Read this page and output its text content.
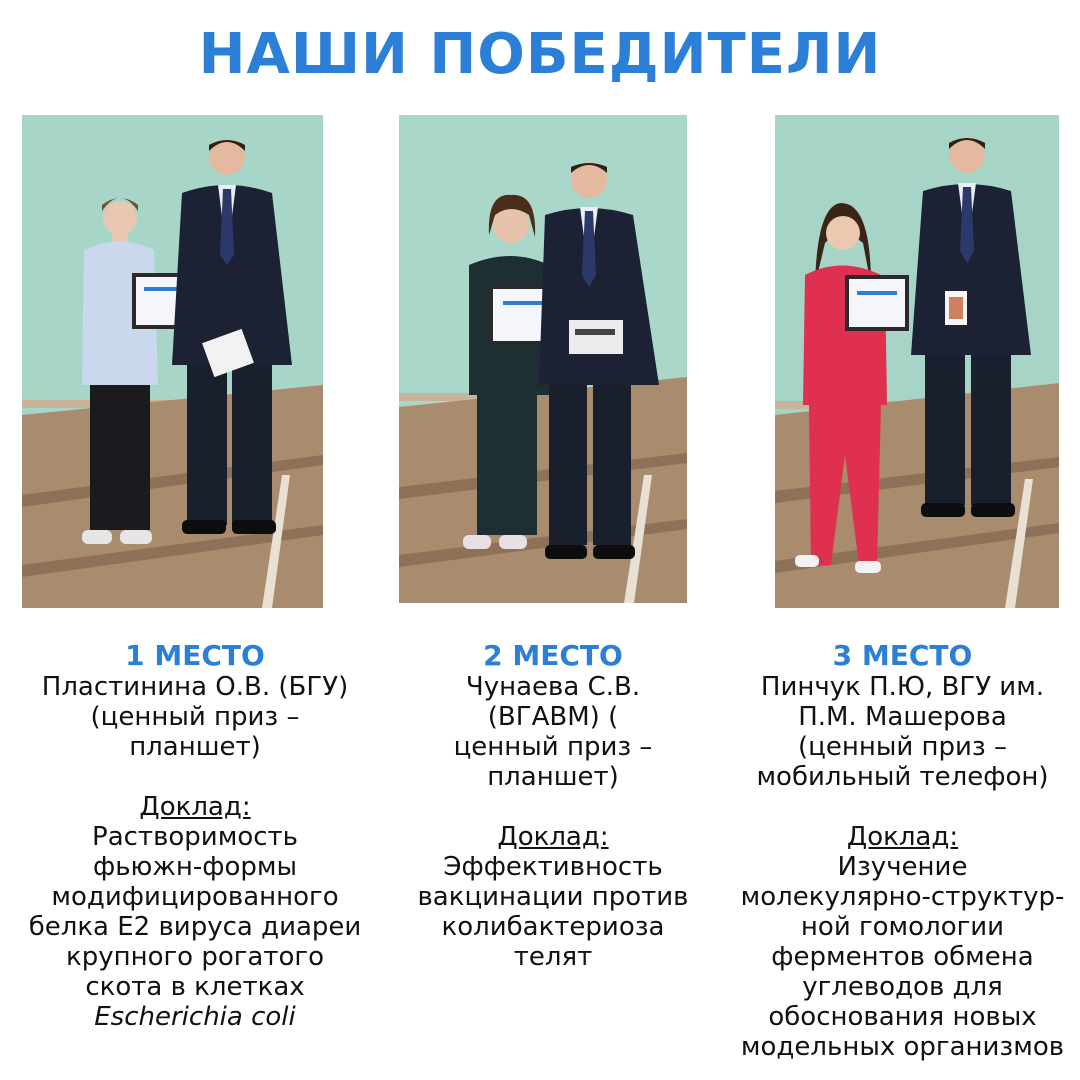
НАШИ ПОБЕДИТЕЛИ
1 МЕСТО
Пластинина О.В. (БГУ)
(ценный приз –
планшет)
Доклад:
Растворимость
фьюжн-формы
модифицированного
белка Е2 вируса диареи
крупного рогатого
скота в клетках
Escherichia coli
2 МЕСТО
Чунаева С.В.
(ВГАВМ) (
ценный приз –
планшет)
Доклад:
Эффективность
вакцинации против
колибактериоза
телят
3 МЕСТО
Пинчук П.Ю, ВГУ им.
П.М. Машерова
(ценный приз –
мобильный телефон)
Доклад:
Изучение
молекулярно-структур-
ной гомологии
ферментов обмена
углеводов для
обоснования новых
модельных организмов
